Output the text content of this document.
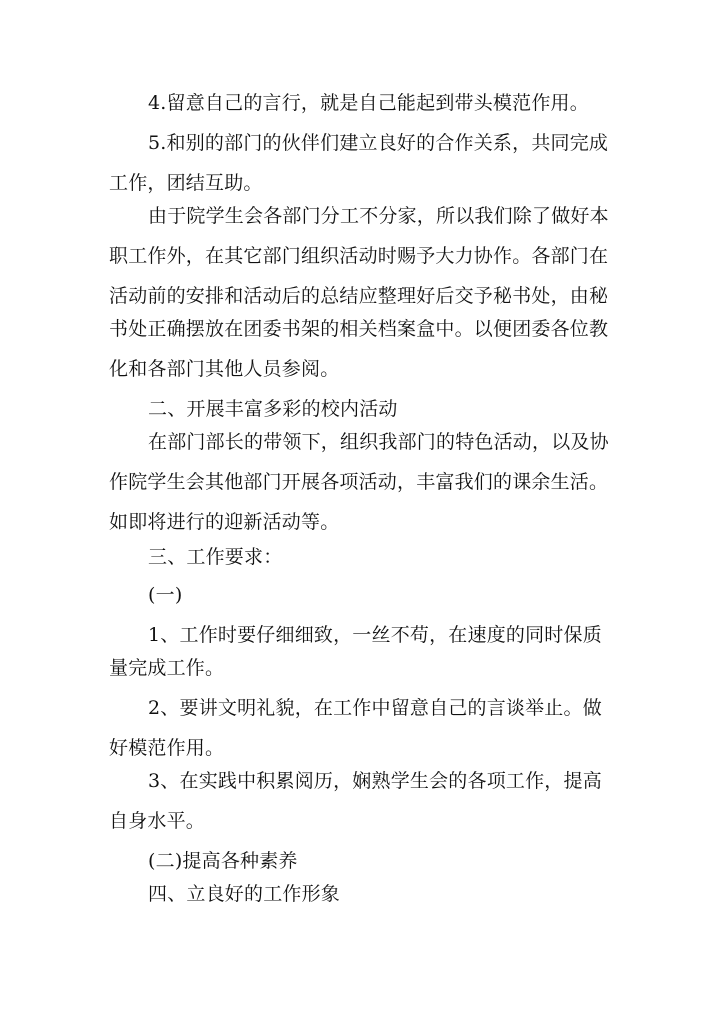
4.留意自己的言行，就是自己能起到带头模范作用。
5.和别的部门的伙伴们建立良好的合作关系，共同完成
工作，团结互助。
由于院学生会各部门分工不分家，所以我们除了做好本
职工作外，在其它部门组织活动时赐予大力协作。各部门在
活动前的安排和活动后的总结应整理好后交予秘书处，由秘
书处正确摆放在团委书架的相关档案盒中。以便团委各位教
化和各部门其他人员参阅。
二、开展丰富多彩的校内活动
在部门部长的带领下，组织我部门的特色活动，以及协
作院学生会其他部门开展各项活动，丰富我们的课余生活。
如即将进行的迎新活动等。
三、工作要求：
(一)
1、工作时要仔细细致，一丝不苟，在速度的同时保质
量完成工作。
2、要讲文明礼貌，在工作中留意自己的言谈举止。做
好模范作用。
3、在实践中积累阅历，娴熟学生会的各项工作，提高
自身水平。
(二)提高各种素养
四、立良好的工作形象
